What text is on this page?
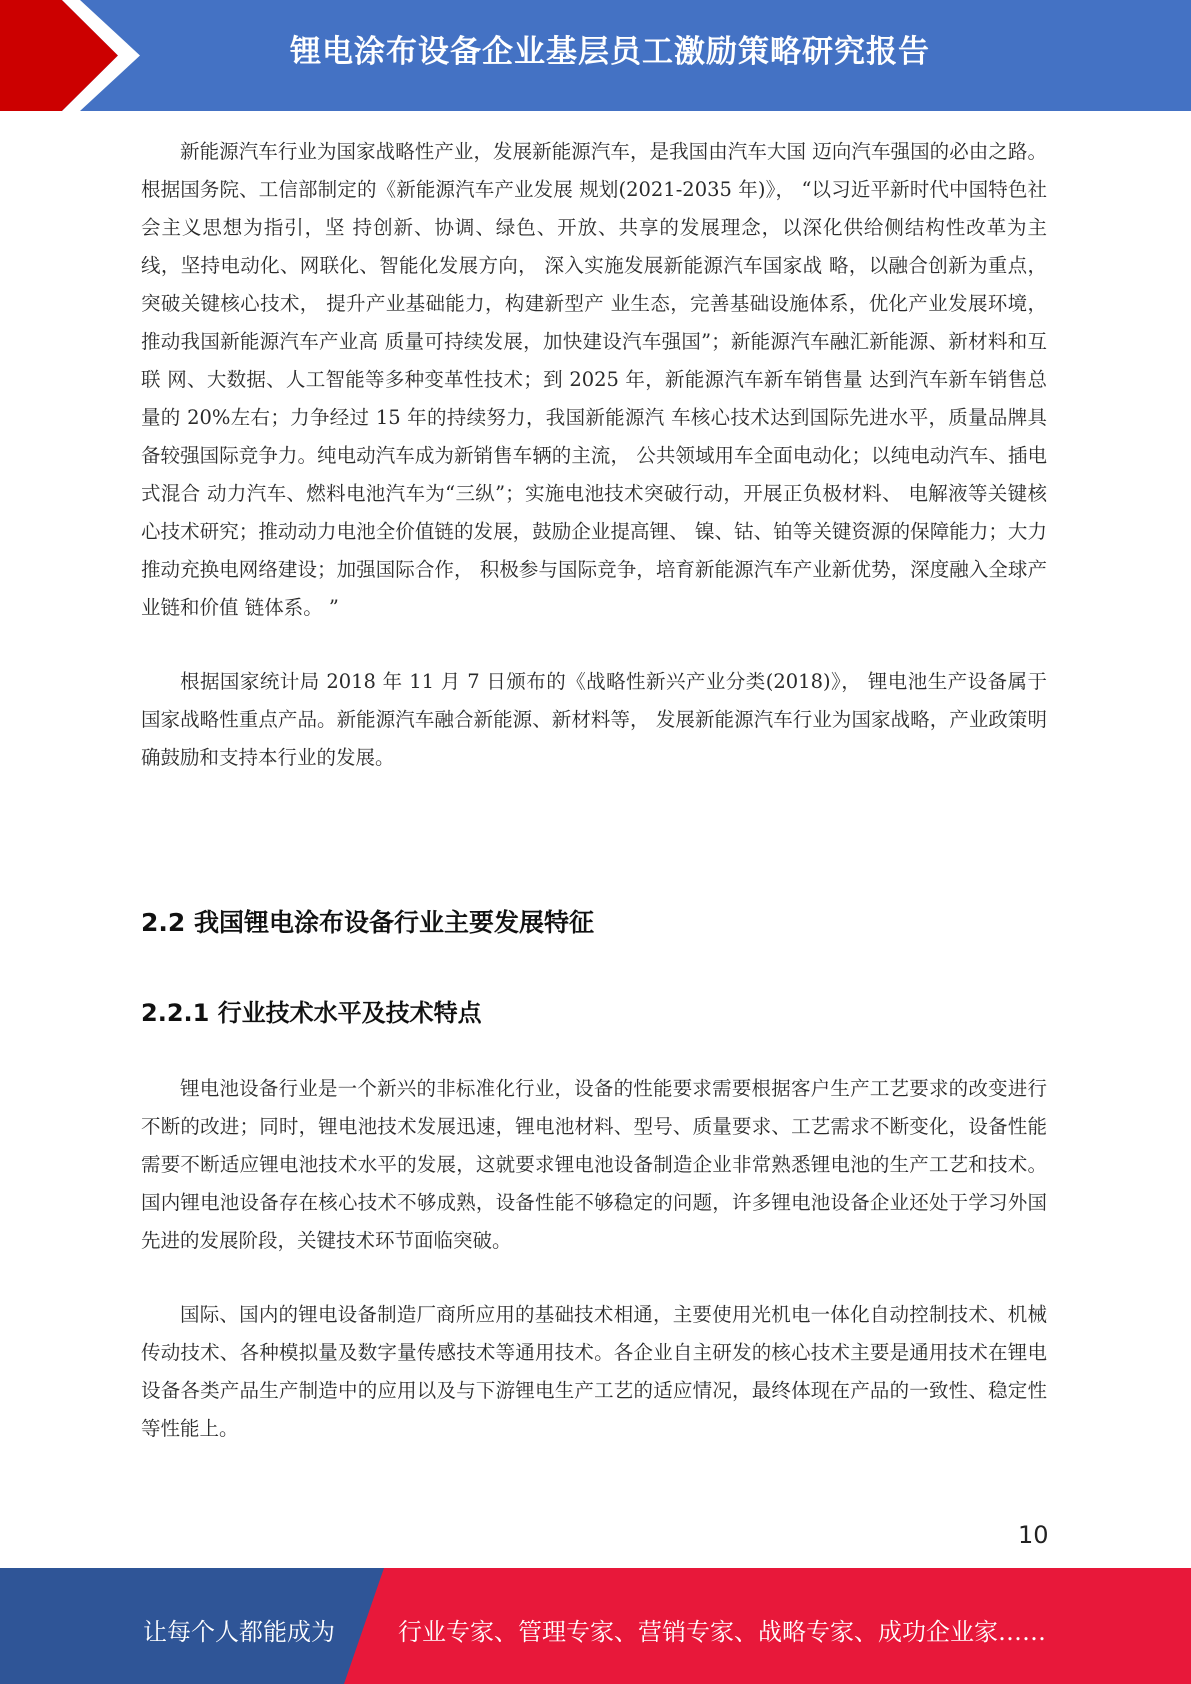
锂电涂布设备企业基层员工激励策略研究报告

新能源汽车行业为国家战略性产业，发展新能源汽车，是我国由汽车大国 迈向汽车强国的必由之路。根据国务院、工信部制定的《新能源汽车产业发展 规划(2021-2035 年)》， “以习近平新时代中国特色社会主义思想为指引，坚 持创新、协调、绿色、开放、共享的发展理念，以深化供给侧结构性改革为主 线，坚持电动化、网联化、智能化发展方向， 深入实施发展新能源汽车国家战 略，以融合创新为重点，突破关键核心技术， 提升产业基础能力，构建新型产 业生态，完善基础设施体系，优化产业发展环境，推动我国新能源汽车产业高 质量可持续发展，加快建设汽车强国”；新能源汽车融汇新能源、新材料和互联 网、大数据、人工智能等多种变革性技术；到 2025 年，新能源汽车新车销售量 达到汽车新车销售总量的 20%左右；力争经过 15 年的持续努力，我国新能源汽 车核心技术达到国际先进水平，质量品牌具备较强国际竞争力。纯电动汽车成为新销售车辆的主流， 公共领域用车全面电动化；以纯电动汽车、插电式混合 动力汽车、燃料电池汽车为“三纵”；实施电池技术突破行动，开展正负极材料、 电解液等关键核心技术研究；推动动力电池全价值链的发展，鼓励企业提高锂、 镍、钴、铂等关键资源的保障能力；大力推动充换电网络建设；加强国际合作， 积极参与国际竞争，培育新能源汽车产业新优势，深度融入全球产业链和价值 链体系。 ”

根据国家统计局 2018 年 11 月 7 日颁布的《战略性新兴产业分类(2018)》， 锂电池生产设备属于国家战略性重点产品。新能源汽车融合新能源、新材料等， 发展新能源汽车行业为国家战略，产业政策明确鼓励和支持本行业的发展。

2.2 我国锂电涂布设备行业主要发展特征
2.2.1 行业技术水平及技术特点

锂电池设备行业是一个新兴的非标准化行业，设备的性能要求需要根据客户生产工艺要求的改变进行不断的改进；同时，锂电池技术发展迅速，锂电池材料、型号、质量要求、工艺需求不断变化，设备性能需要不断适应锂电池技术水平的发展，这就要求锂电池设备制造企业非常熟悉锂电池的生产工艺和技术。国内锂电池设备存在核心技术不够成熟，设备性能不够稳定的问题，许多锂电池设备企业还处于学习外国先进的发展阶段，关键技术环节面临突破。

国际、国内的锂电设备制造厂商所应用的基础技术相通，主要使用光机电一体化自动控制技术、机械传动技术、各种模拟量及数字量传感技术等通用技术。各企业自主研发的核心技术主要是通用技术在锂电设备各类产品生产制造中的应用以及与下游锂电生产工艺的适应情况，最终体现在产品的一致性、稳定性等性能上。

10
让每个人都能成为	行业专家、管理专家、营销专家、战略专家、成功企业家……
